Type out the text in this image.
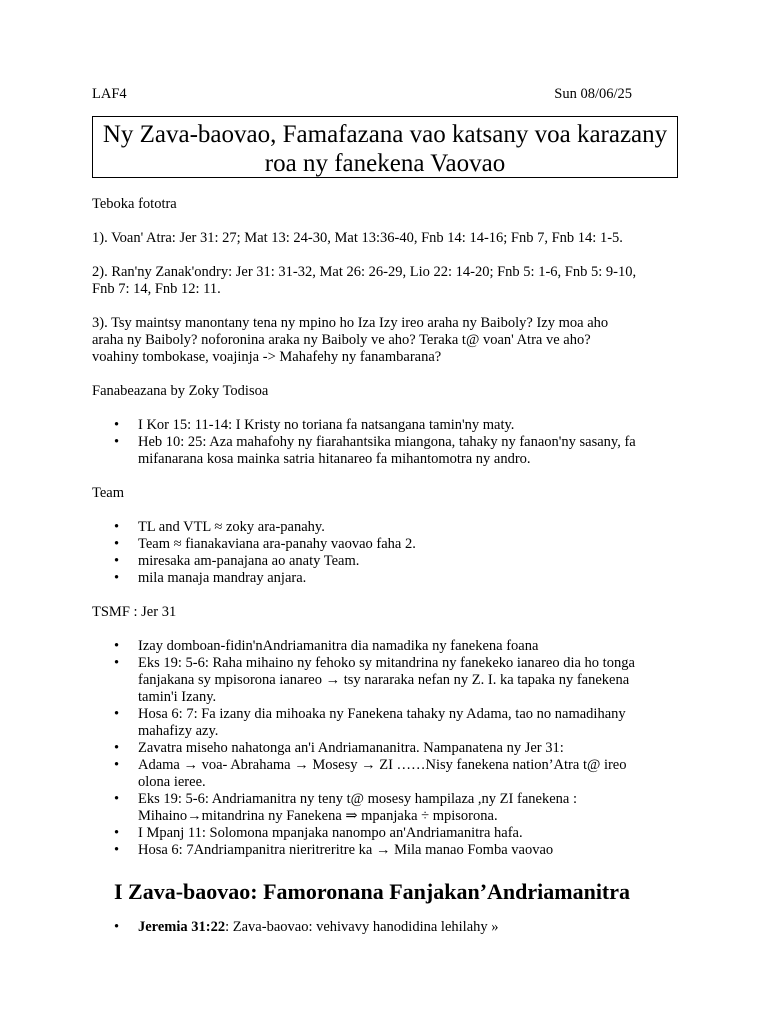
LAF4	Sun 08/06/25
Ny Zava-baovao, Famafazana vao katsany voa karazany
roa ny fanekena Vaovao

Teboka fototra

1). Voan' Atra: Jer 31: 27; Mat 13: 24-30, Mat 13:36-40, Fnb 14: 14-16; Fnb 7, Fnb 14: 1-5.

2). Ran'ny Zanak'ondry: Jer 31: 31-32, Mat 26: 26-29, Lio 22: 14-20; Fnb 5: 1-6, Fnb 5: 9-10,
Fnb 7: 14, Fnb 12: 11.

3). Tsy maintsy manontany tena ny mpino ho Iza Izy ireo araha ny Baiboly? Izy moa aho
araha ny Baiboly? noforonina araka ny Baiboly ve aho? Teraka t@ voan' Atra ve aho?
voahiny tombokase, voajinja -> Mahafehy ny fanambarana?

Fanabeazana by Zoky Todisoa

• I Kor 15: 11-14: I Kristy no toriana fa natsangana tamin'ny maty.
• Heb 10: 25: Aza mahafohy ny fiarahantsika miangona, tahaky ny fanaon'ny sasany, fa
mifanarana kosa mainka satria hitanareo fa mihantomotra ny andro.

Team

• TL and VTL ≈ zoky ara-panahy.
• Team ≈ fianakaviana ara-panahy vaovao faha 2.
• miresaka am-panajana ao anaty Team.
• mila manaja mandray anjara.

TSMF : Jer 31

• Izay domboan-fidin'nAndriamanitra dia namadika ny fanekena foana
• Eks 19: 5-6: Raha mihaino ny fehoko sy mitandrina ny fanekeko ianareo dia ho tonga
fanjakana sy mpisorona ianareo → tsy nararaka nefan ny Z. I. ka tapaka ny fanekena
tamin'i Izany.
• Hosa 6: 7: Fa izany dia mihoaka ny Fanekena tahaky ny Adama, tao no namadihany
mahafizy azy.
• Zavatra miseho nahatonga an'i Andriamananitra. Nampanatena ny Jer 31:
• Adama → voa- Abrahama → Mosesy → ZI ……Nisy fanekena nation’Atra t@ ireo
olona ieree.
• Eks 19: 5-6: Andriamanitra ny teny t@ mosesy hampilaza ,ny ZI fanekena :
Mihaino→mitandrina ny Fanekena ⇒ mpanjaka ÷ mpisorona.
• I Mpanj 11: Solomona mpanjaka nanompo an'Andriamanitra hafa.
• Hosa 6: 7Andriampanitra nieritreritre ka → Mila manao Fomba vaovao
I Zava-baovao: Famoronana Fanjakan’Andriamanitra
• Jeremia 31:22: Zava-baovao: vehivavy hanodidina lehilahy »
